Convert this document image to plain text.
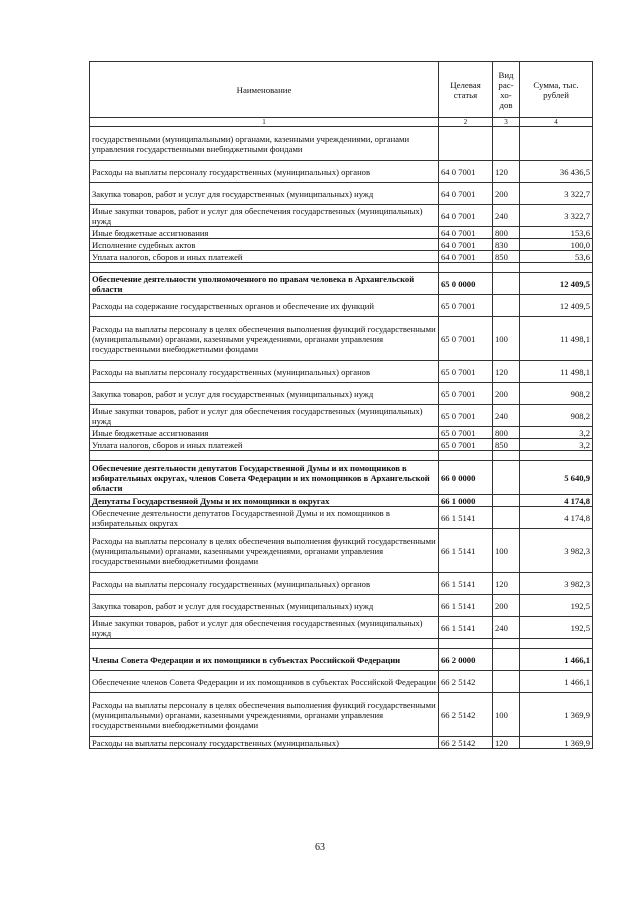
Наименование	Целевая статья	Вид рас-хо-дов	Сумма, тыс. рублей
1	2	3	4
государственными (муниципальными) органами, казенными учреждениями, органами управления государственными внебюджетными фондами			
Расходы на выплаты персоналу государственных (муниципальных) органов	64 0 7001	120	36 436,5
Закупка товаров, работ и услуг для государственных (муниципальных) нужд	64 0 7001	200	3 322,7
Иные закупки товаров, работ и услуг для обеспечения государственных (муниципальных) нужд	64 0 7001	240	3 322,7
Иные бюджетные ассигнования	64 0 7001	800	153,6
Исполнение судебных актов	64 0 7001	830	100,0
Уплата налогов, сборов и иных платежей	64 0 7001	850	53,6

Обеспечение деятельности уполномоченного по правам человека в Архангельской области	65 0 0000		12 409,5
Расходы на содержание государственных органов и обеспечение их функций	65 0 7001		12 409,5
Расходы на выплаты персоналу в целях обеспечения выполнения функций государственными (муниципальными) органами, казенными учреждениями, органами управления государственными внебюджетными фондами	65 0 7001	100	11 498,1
Расходы на выплаты персоналу государственных (муниципальных) органов	65 0 7001	120	11 498,1
Закупка товаров, работ и услуг для государственных (муниципальных) нужд	65 0 7001	200	908,2
Иные закупки товаров, работ и услуг для обеспечения государственных (муниципальных) нужд	65 0 7001	240	908,2
Иные бюджетные ассигнования	65 0 7001	800	3,2
Уплата налогов, сборов и иных платежей	65 0 7001	850	3,2

Обеспечение деятельности депутатов Государственной Думы и их помощников в избирательных округах, членов Совета Федерации и их помощников в Архангельской области	66 0 0000		5 640,9
Депутаты Государственной Думы и их помощники в округах	66 1 0000		4 174,8
Обеспечение деятельности депутатов Государственной Думы и их помощников в избирательных округах	66 1 5141		4 174,8
Расходы на выплаты персоналу в целях обеспечения выполнения функций государственными (муниципальными) органами, казенными учреждениями, органами управления государственными внебюджетными фондами	66 1 5141	100	3 982,3
Расходы на выплаты персоналу государственных (муниципальных) органов	66 1 5141	120	3 982,3
Закупка товаров, работ и услуг для государственных (муниципальных) нужд	66 1 5141	200	192,5
Иные закупки товаров, работ и услуг для обеспечения государственных (муниципальных) нужд	66 1 5141	240	192,5

Члены Совета Федерации и их помощники в субъектах Российской Федерации	66 2 0000		1 466,1
Обеспечение членов Совета Федерации и их помощников в субъектах Российской Федерации	66 2 5142		1 466,1
Расходы на выплаты персоналу в целях обеспечения выполнения функций государственными (муниципальными) органами, казенными учреждениями, органами управления государственными внебюджетными фондами	66 2 5142	100	1 369,9
Расходы на выплаты персоналу государственных (муниципальных)	66 2 5142	120	1 369,9
63
